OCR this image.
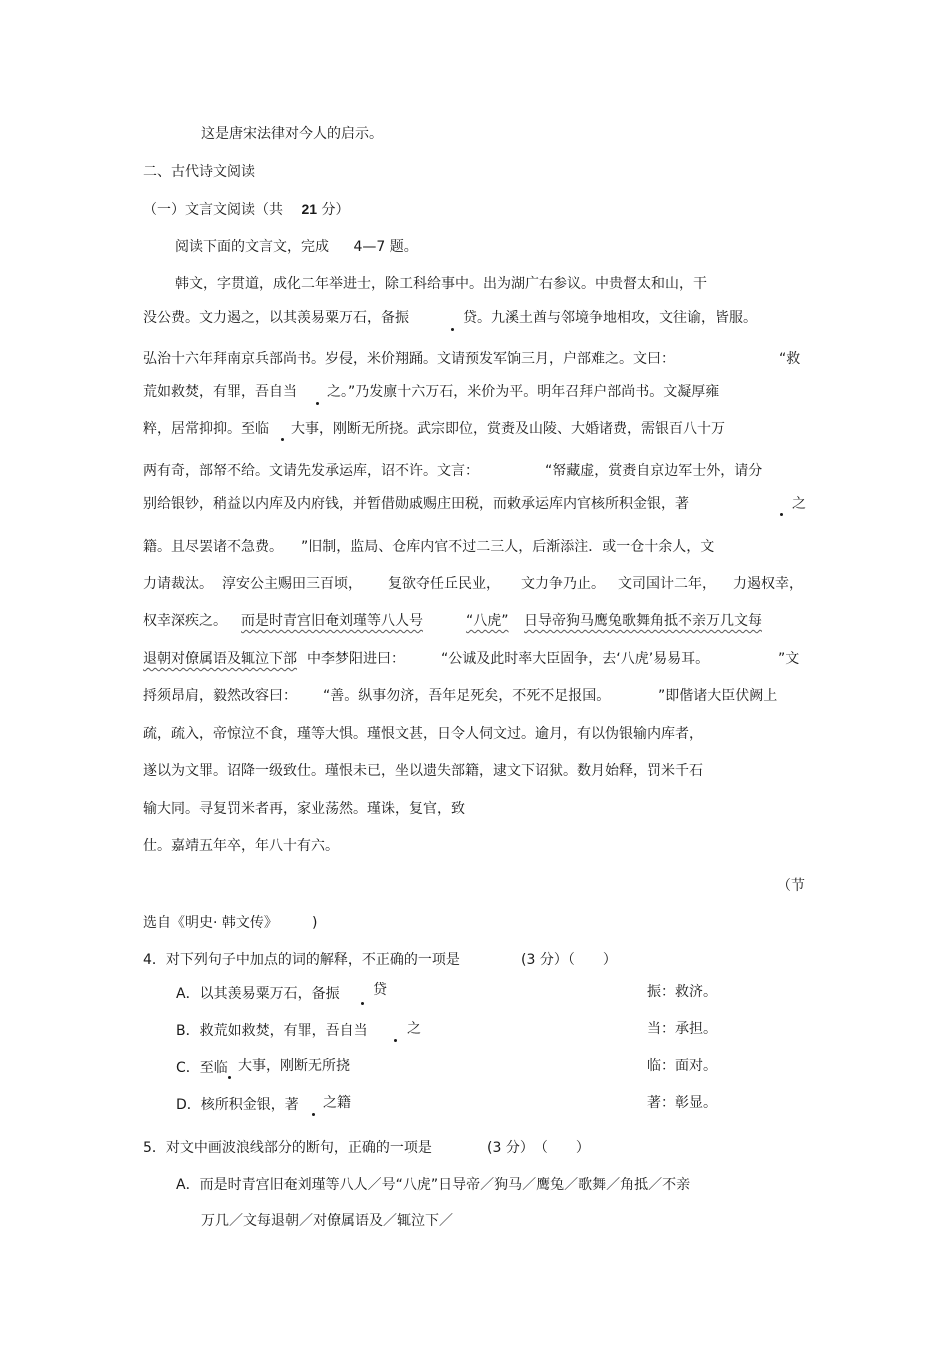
这是唐宋法律对今人的启示。
二、古代诗文阅读
（一）文言文阅读（共 21 分）
阅读下面的文言文，完成 4—7 题。
韩文，字贯道，成化二年举进士，除工科给事中。出为湖广右参议。中贵督太和山，干
没公费。文力遏之，以其羡易粟万石，备振	贷。九溪土酋与邻境争地相攻，文往谕，皆服。
弘治十六年拜南京兵部尚书。岁侵，米价翔踊。文请预发军饷三月，户部难之。文曰：	“救
荒如救焚，有罪，吾自当 之。”乃发廪十六万石，米价为平。明年召拜户部尚书。文凝厚雍
粹，居常抑抑。至临 大事，刚断无所挠。武宗即位，赏赉及山陵、大婚诸费，需银百八十万
两有奇，部帑不给。文请先发承运库，诏不许。文言：	“帑藏虚，赏赉自京边军士外，请分
别给银钞，稍益以内库及内府钱，并暂借勋戚赐庄田税，而敕承运库内官核所积金银，著	之
籍。且尽罢诸不急费。 ”旧制，监局、仓库内官不过二三人，后渐添注．或一仓十余人，文
力请裁汰。 淳安公主赐田三百顷， 复欲夺任丘民业， 文力争乃止。 文司国计二年， 力遏权幸，
权幸深疾之。 而是时青宫旧奄刘瑾等八人号	“八虎” 日导帝狗马鹰兔歌舞角抵不亲万几文每
退朝对僚属语及辄泣下部 中李梦阳进曰：	“公诚及此时率大臣固争，去‘八虎’易易耳。	”文
捋须昂肩，毅然改容曰： “善。纵事勿济，吾年足死矣，不死不足报国。	”即偕诸大臣伏阙上
疏，疏入，帝惊泣不食，瑾等大惧。瑾恨文甚，日令人伺文过。逾月，有以伪银输内库者，
遂以为文罪。诏降一级致仕。瑾恨未已，坐以遗失部籍，逮文下诏狱。数月始释，罚米千石
输大同。寻复罚米者再，家业荡然。瑾诛，复官，致
仕。嘉靖五年卒，年八十有六。
（节
选自《明史· 韩文传》 )
4．对下列句子中加点的词的解释，不正确的一项是	(3 分）（　　）
A．以其羡易粟万石，备振 贷	振：救济。
B．救荒如救焚，有罪，吾自当	之	当：承担。
C．至临 大事，刚断无所挠	临：面对。
D．核所积金银，著 之籍	著：彰显。
5．对文中画波浪线部分的断句，正确的一项是	(3 分）　（　　）
A．而是时青宫旧奄刘瑾等八人／号“八虎”日导帝／狗马／鹰兔／歌舞／角抵／不亲
万几／文每退朝／对僚属语及／辄泣下／
